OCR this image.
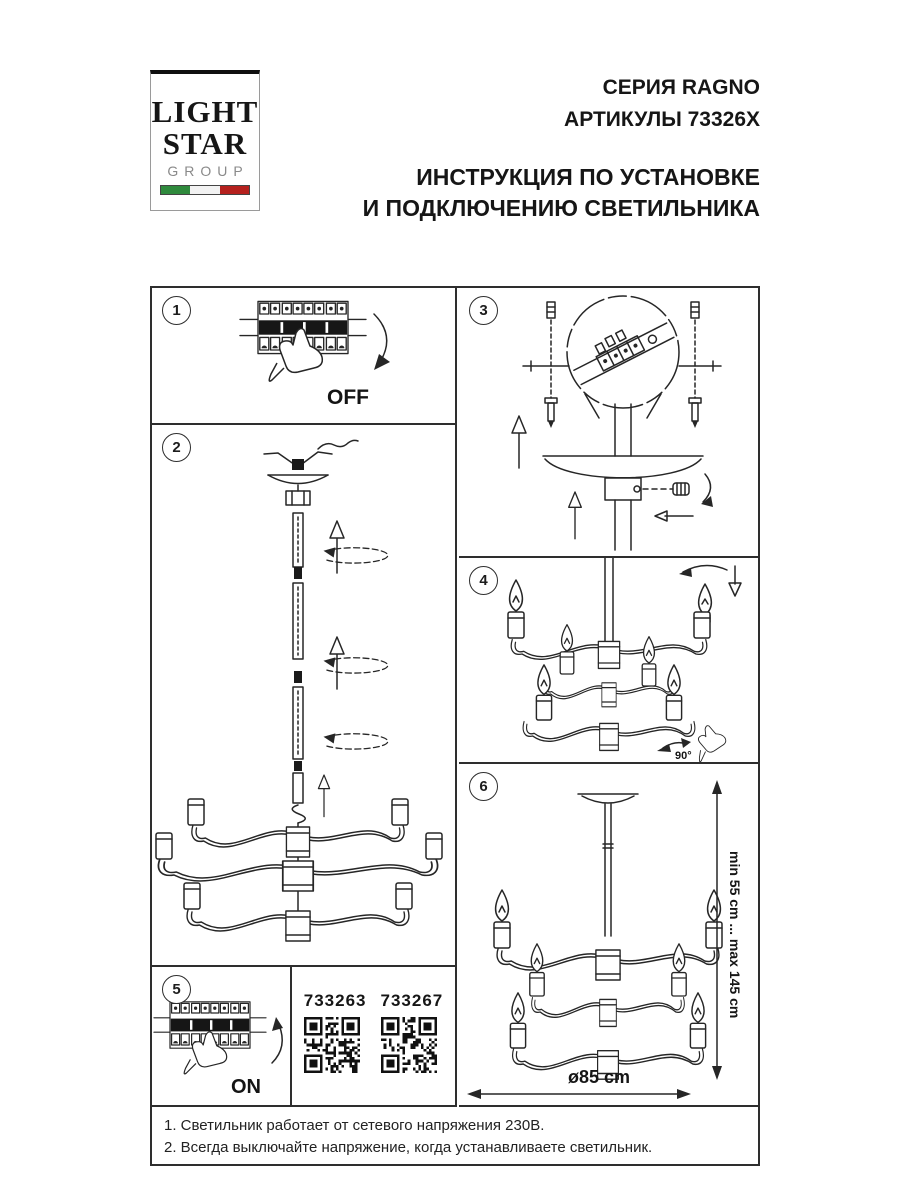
LIGHT
STAR
GROUP
СЕРИЯ RAGNO
АРТИКУЛЫ 73326X
ИНСТРУКЦИЯ ПО УСТАНОВКЕ
И ПОДКЛЮЧЕНИЮ СВЕТИЛЬНИКА
1
OFF
2
5
ON
733263 733267
3
4
90°
6
min 55 cm ... max 145 cm
ø85 cm
1. Светильник работает от сетевого напряжения 230В.
2. Всегда выключайте напряжение, когда устанавливаете светильник.
